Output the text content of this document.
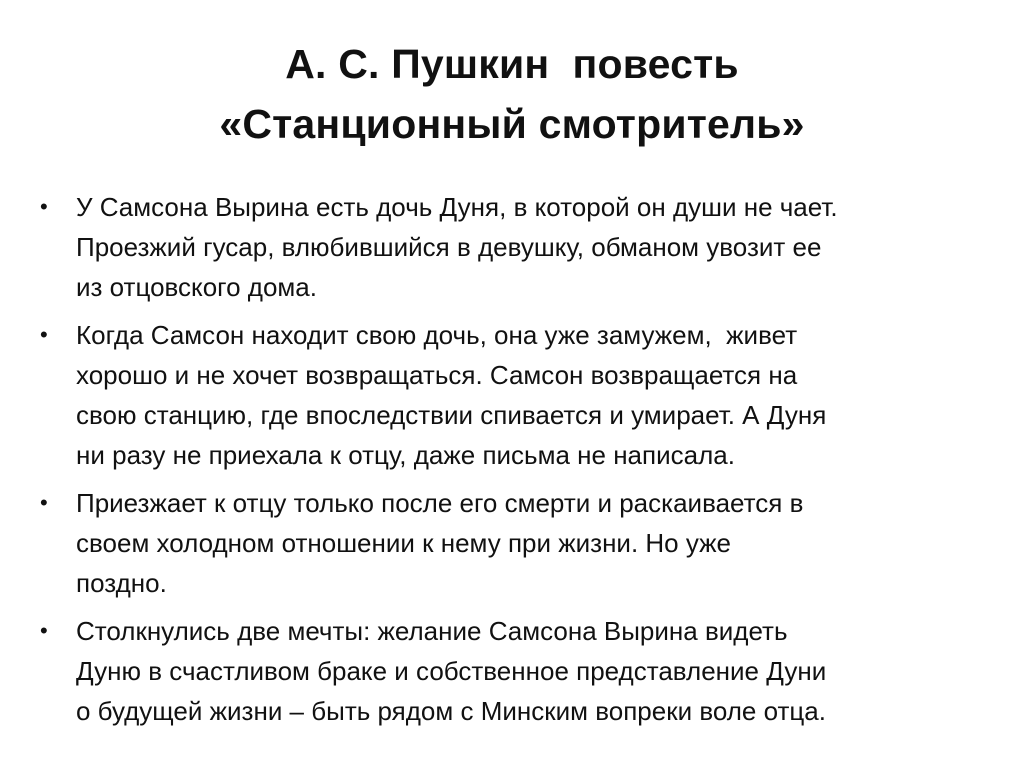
А. С. Пушкин  повесть
«Станционный смотритель»
•	У Самсона Вырина есть дочь Дуня, в которой он души не чает.
Проезжий гусар, влюбившийся в девушку, обманом увозит ее
из отцовского дома.
•	Когда Самсон находит свою дочь, она уже замужем,  живет
хорошо и не хочет возвращаться. Самсон возвращается на
свою станцию, где впоследствии спивается и умирает. А Дуня
ни разу не приехала к отцу, даже письма не написала.
•	Приезжает к отцу только после его смерти и раскаивается в
своем холодном отношении к нему при жизни. Но уже
поздно.
•	Столкнулись две мечты: желание Самсона Вырина видеть
Дуню в счастливом браке и собственное представление Дуни
о будущей жизни – быть рядом с Минским вопреки воле отца.
